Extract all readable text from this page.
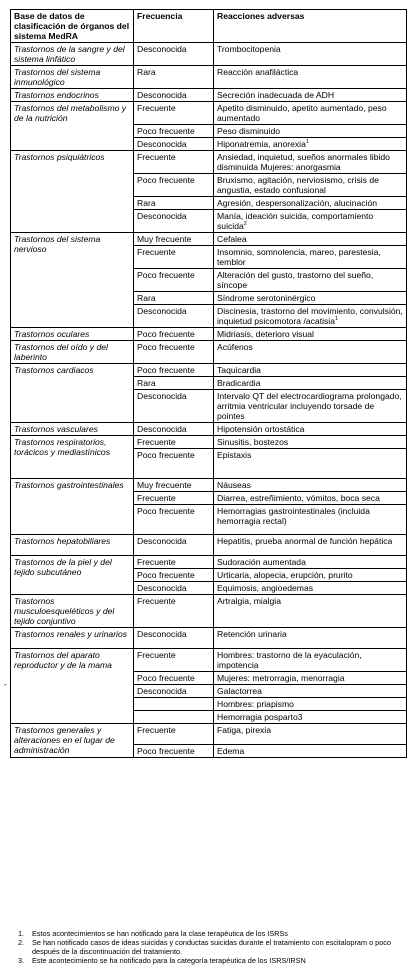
Base de datos de clasificación de órganos del sistema MedRA	Frecuencia	Reacciones adversas
Trastornos de la sangre y del sistema linfático	Desconocida	Trombocitopenia
Trastornos del sistema inmunológico	Rara	Reacción anafiláctica
Trastornos endocrinos	Desconocida	Secreción inadecuada de ADH
Trastornos del metabolismo y de la nutrición	Frecuente	Apetito disminuido, apetito aumentado, peso aumentado
	Poco frecuente	Peso disminuido
	Desconocida	Hiponatremia, anorexia$^1$
Trastornos psiquiátricos	Frecuente	Ansiedad, inquietud, sueños anormales libido disminuida Mujeres: anorgasmia
	Poco frecuente	Bruxismo, agitación, nerviosismo, crisis de angustia, estado confusional
	Rara	Agresión, despersonalización, alucinación
	Desconocida	Manía, ideación suicida, comportamiento suicida$^2$
Trastornos del sistema nervioso	Muy frecuente	Cefalea
	Frecuente	Insomnio, somnolencia, mareo, parestesia, temblor
	Poco frecuente	Alteración del gusto, trastorno del sueño, síncope
	Rara	Síndrome serotoninérgico
	Desconocida	Discinesia, trastorno del movimiento, convulsión, inquietud psicomotora /acatisia$^1$
Trastornos oculares	Poco frecuente	Midriasis, deterioro visual
Trastornos del oído y del laberinto	Poco frecuente	Acúfenos
Trastornos cardiacos	Poco frecuente	Taquicardia
	Rara	Bradicardia
	Desconocida	Intervalo QT del electrocardiograma prolongado, arritmia ventricular incluyendo torsade de pointes
Trastornos vasculares	Desconocida	Hipotensión ortostática
Trastornos respiratorios, torácicos y mediastínicos	Frecuente	Sinusitis, bostezos
	Poco frecuente	Epistaxis
Trastornos gastrointestinales	Muy frecuente	Náuseas
	Frecuente	Diarrea, estreñimiento, vómitos, boca seca
	Poco frecuente	Hemorragias gastrointestinales (incluida hemorragia rectal)
Trastornos hepatobiliares	Desconocida	Hepatitis, prueba anormal de función hepática
Trastornos de la piel y del tejido subcutáneo	Frecuente	Sudoración aumentada
	Poco frecuente	Urticaria, alopecia, erupción, prurito
	Desconocida	Equimosis, angioedemas
Trastornos musculoesqueléticos y del tejido conjuntivo	Frecuente	Artralgia, mialgia
Trastornos renales y urinarios	Desconocida	Retención urinaria
Trastornos del aparato reproductor y de la mama	Frecuente	Hombres: trastorno de la eyaculación, impotencia
	Poco frecuente	Mujeres: metrorragia, menorragia
	Desconocida	Galactorrea
		Hombres: priapismo
		Hemorragia posparto3
Trastornos generales y alteraciones en el lugar de administración	Frecuente	Fatiga, pirexia
	Poco frecuente	Edema
-
1. Estos acontecimientos se han notificado para la clase terapéutica de los ISRSs
2. Se han notificado casos de ideas suicidas y conductas suicidas durante el tratamiento con escitalopram o poco después de la discontinuación del tratamiento.
3. Este acontecimiento se ha notificado para la categoría terapéutica de los ISRS/IRSN
